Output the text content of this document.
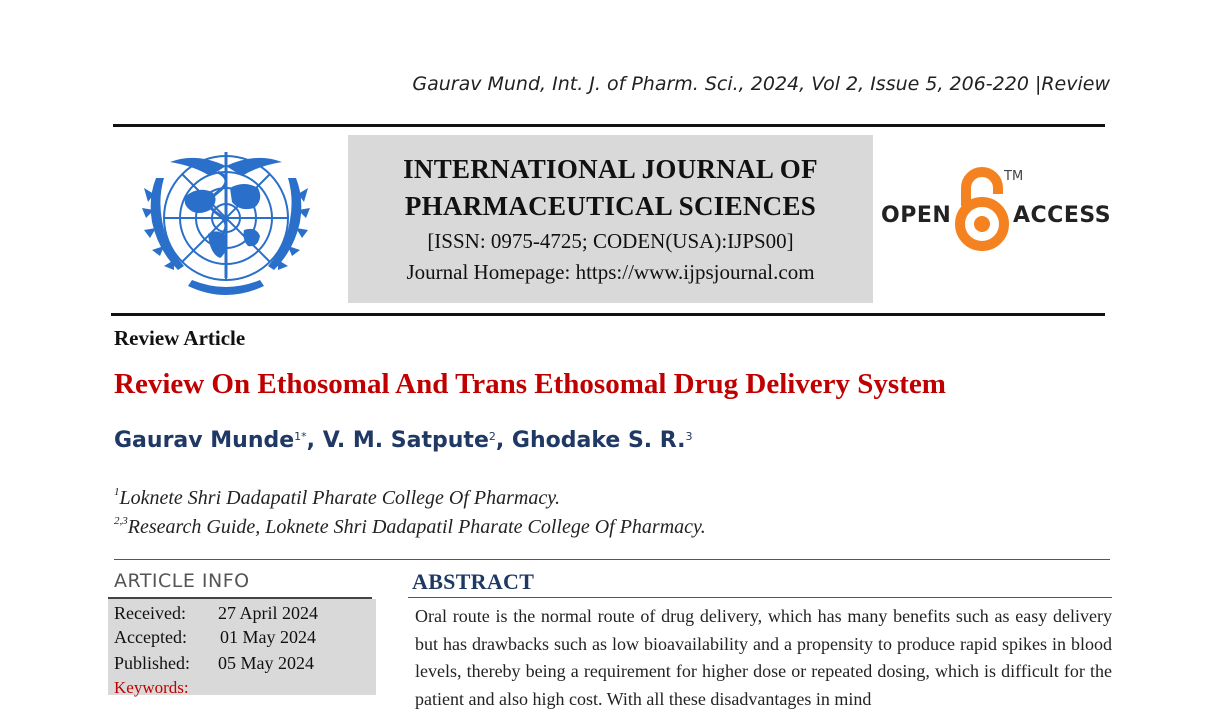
Gaurav Mund, Int. J. of Pharm. Sci., 2024, Vol 2, Issue 5, 206-220 |Review
INTERNATIONAL JOURNAL OF
PHARMACEUTICAL SCIENCES
[ISSN: 0975-4725; CODEN(USA):IJPS00]
Journal Homepage: https://www.ijpsjournal.com
OPEN
TM
ACCESS
Review Article
Review On Ethosomal And Trans Ethosomal Drug Delivery System
Gaurav Munde$^{1*}$, V. M. Satpute$^2$, Ghodake S. R.$^3$
$^1$Loknete Shri Dadapatil Pharate College Of Pharmacy.
$^{2,3}$Research Guide, Loknete Shri Dadapatil Pharate College Of Pharmacy.
ARTICLE INFO
Received: 27 April 2024
Accepted: 01 May 2024
Published: 05 May 2024
Keywords:
ABSTRACT
Oral route is the normal route of drug delivery, which has many benefits such as easy delivery but has drawbacks such as low bioavailability and a propensity to produce rapid spikes in blood levels, thereby being a requirement for higher dose or repeated dosing, which is difficult for the patient and also high cost. With all these disadvantages in mind
